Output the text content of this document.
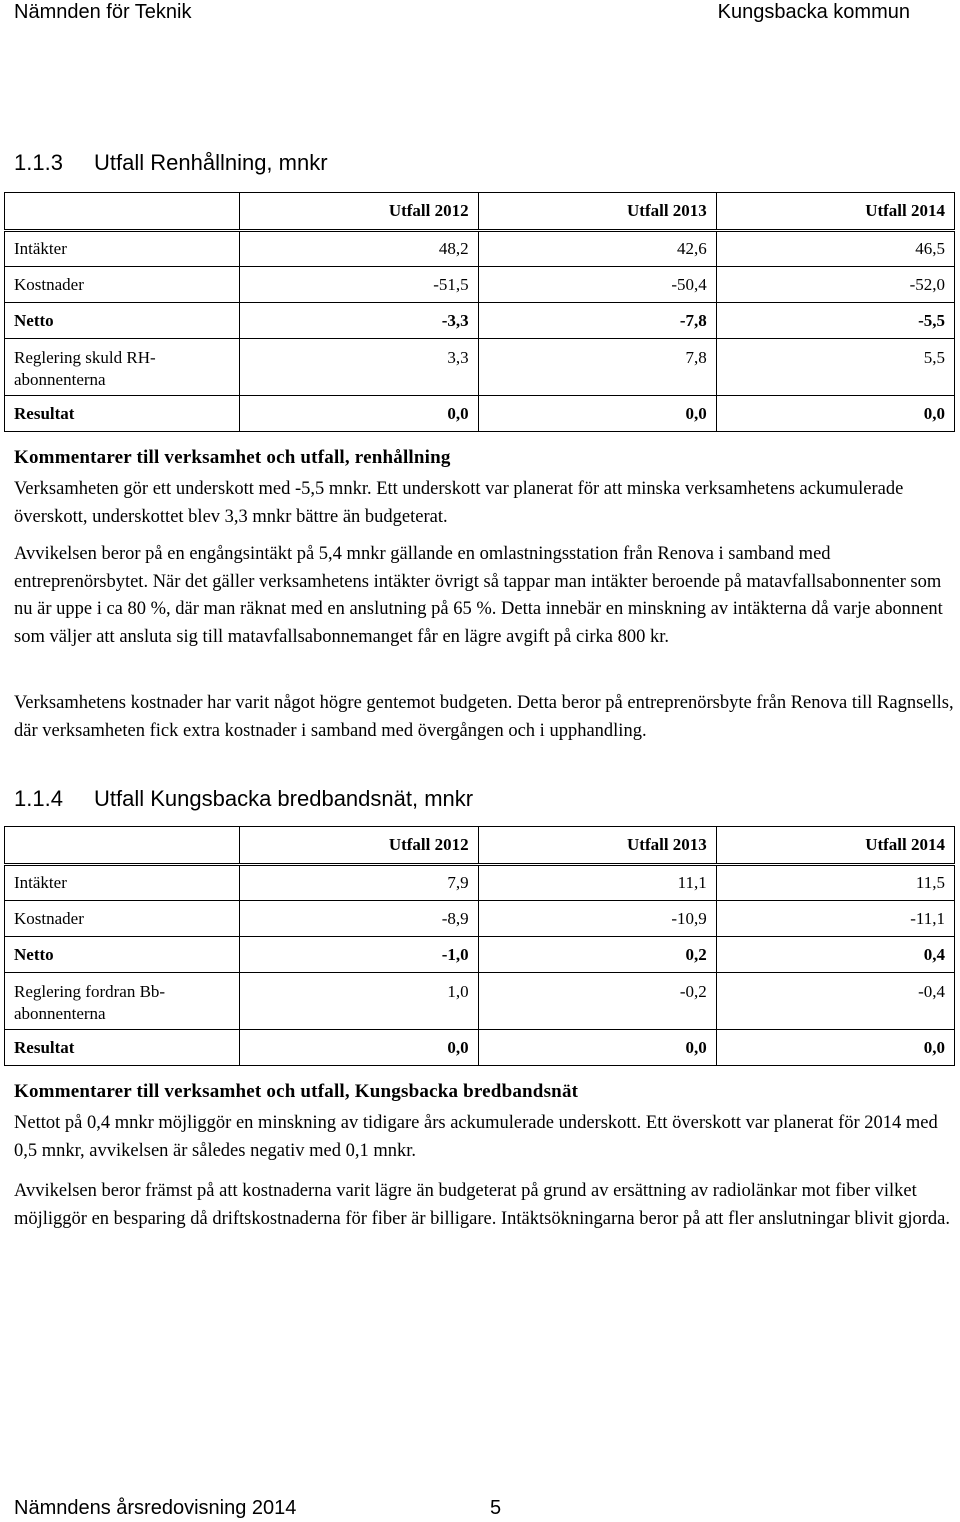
Nämnden för Teknik	Kungsbacka kommun
1.1.3 Utfall Renhållning, mnkr
	Utfall 2012	Utfall 2013	Utfall 2014
Intäkter	48,2	42,6	46,5
Kostnader	-51,5	-50,4	-52,0
Netto	-3,3	-7,8	-5,5
Reglering skuld RH-abonnenterna	3,3	7,8	5,5
Resultat	0,0	0,0	0,0
Kommentarer till verksamhet och utfall, renhållning
Verksamheten gör ett underskott med -5,5 mnkr. Ett underskott var planerat för att minska verksamhetens ackumulerade överskott, underskottet blev 3,3 mnkr bättre än budgeterat.
Avvikelsen beror på en engångsintäkt på 5,4 mnkr gällande en omlastningsstation från Renova i samband med entreprenörsbytet. När det gäller verksamhetens intäkter övrigt så tappar man intäkter beroende på matavfallsabonnenter som nu är uppe i ca 80 %, där man räknat med en anslutning på 65 %. Detta innebär en minskning av intäkterna då varje abonnent som väljer att ansluta sig till matavfallsabonnemanget får en lägre avgift på cirka 800 kr.
Verksamhetens kostnader har varit något högre gentemot budgeten. Detta beror på entreprenörsbyte från Renova till Ragnsells, där verksamheten fick extra kostnader i samband med övergången och i upphandling.
1.1.4 Utfall Kungsbacka bredbandsnät, mnkr
	Utfall 2012	Utfall 2013	Utfall 2014
Intäkter	7,9	11,1	11,5
Kostnader	-8,9	-10,9	-11,1
Netto	-1,0	0,2	0,4
Reglering fordran Bb-abonnenterna	1,0	-0,2	-0,4
Resultat	0,0	0,0	0,0
Kommentarer till verksamhet och utfall, Kungsbacka bredbandsnät
Nettot på 0,4 mnkr möjliggör en minskning av tidigare års ackumulerade underskott. Ett överskott var planerat för 2014 med 0,5 mnkr, avvikelsen är således negativ med 0,1 mnkr.
Avvikelsen beror främst på att kostnaderna varit lägre än budgeterat på grund av ersättning av radiolänkar mot fiber vilket möjliggör en besparing då driftskostnaderna för fiber är billigare. Intäktsökningarna beror på att fler anslutningar blivit gjorda.
Nämndens årsredovisning 2014	5
